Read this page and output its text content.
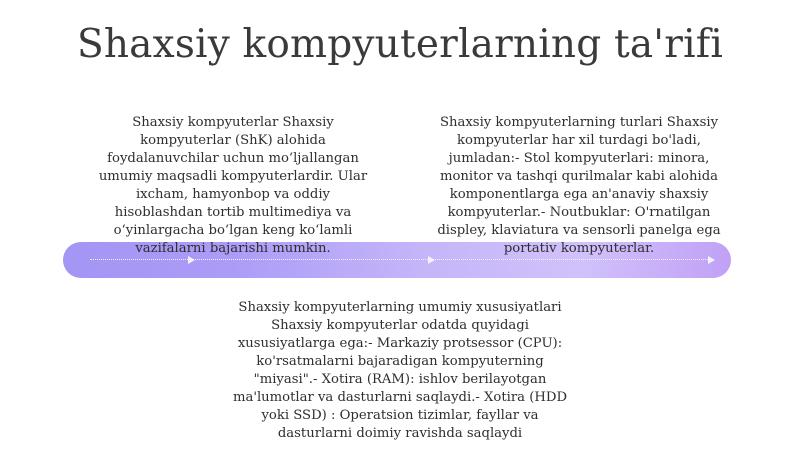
Shaxsiy kompyuterlarning ta'rifi

Shaxsiy kompyuterlar Shaxsiy

kompyuterlar (ShK) alohida

foydalanuvchilar uchun moʻljallangan

umumiy maqsadli kompyuterlardir. Ular

ixcham, hamyonbop va oddiy

hisoblashdan tortib multimediya va

oʻyinlargacha boʻlgan keng koʻlamli

vazifalarni bajarishi mumkin.

Shaxsiy kompyuterlarning turlari Shaxsiy

kompyuterlar har xil turdagi bo'ladi,

jumladan:- Stol kompyuterlari: minora,

monitor va tashqi qurilmalar kabi alohida

komponentlarga ega an'anaviy shaxsiy

kompyuterlar.- Noutbuklar: O'rnatilgan

displey, klaviatura va sensorli panelga ega

portativ kompyuterlar.

Shaxsiy kompyuterlarning umumiy xususiyatlari

Shaxsiy kompyuterlar odatda quyidagi

xususiyatlarga ega:- Markaziy protsessor (CPU):

ko'rsatmalarni bajaradigan kompyuterning

"miyasi".- Xotira (RAM): ishlov berilayotgan

ma'lumotlar va dasturlarni saqlaydi.- Xotira (HDD

yoki SSD) : Operatsion tizimlar, fayllar va

dasturlarni doimiy ravishda saqlaydi
